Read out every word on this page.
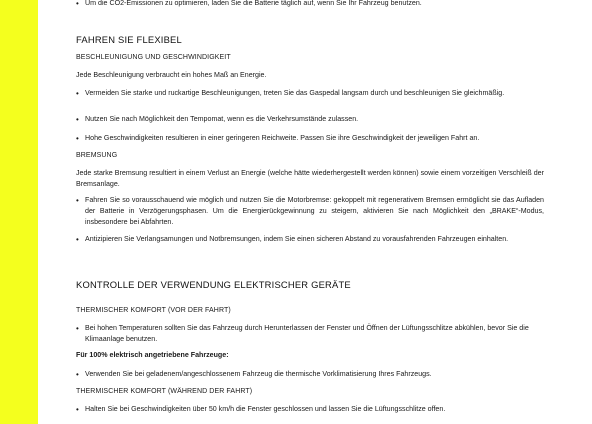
• Um die CO2-Emissionen zu optimieren, laden Sie die Batterie täglich auf, wenn Sie Ihr Fahrzeug benutzen.
FAHREN SIE FLEXIBEL

BESCHLEUNIGUNG UND GESCHWINDIGKEIT

Jede Beschleunigung verbraucht ein hohes Maß an Energie.

• Vermeiden Sie starke und ruckartige Beschleunigungen, treten Sie das Gaspedal langsam durch und beschleunigen Sie gleichmäßig.
• Nutzen Sie nach Möglichkeit den Tempomat, wenn es die Verkehrsumstände zulassen.
• Hohe Geschwindigkeiten resultieren in einer geringeren Reichweite. Passen Sie ihre Geschwindigkeit der jeweiligen Fahrt an.

BREMSUNG

Jede starke Bremsung resultiert in einem Verlust an Energie (welche hätte wiederhergestellt werden können) sowie einem vorzeitigen Verschleiß der Bremsanlage.

• Fahren Sie so vorausschauend wie möglich und nutzen Sie die Motorbremse: gekoppelt mit regenerativem Bremsen ermöglicht sie das Aufladen der Batterie in Verzögerungsphasen. Um die Energierückgewinnung zu steigern, aktivieren Sie nach Möglichkeit den „BRAKE“-Modus, insbesondere bei Abfahrten.
• Antizipieren Sie Verlangsamungen und Notbremsungen, indem Sie einen sicheren Abstand zu vorausfahrenden Fahrzeugen einhalten.
KONTROLLE DER VERWENDUNG ELEKTRISCHER GERÄTE

THERMISCHER KOMFORT (VOR DER FAHRT)

• Bei hohen Temperaturen sollten Sie das Fahrzeug durch Herunterlassen der Fenster und Öffnen der Lüftungsschlitze abkühlen, bevor Sie die Klimaanlage benutzen.

Für 100% elektrisch angetriebene Fahrzeuge:

• Verwenden Sie bei geladenem/angeschlossenem Fahrzeug die thermische Vorklimatisierung Ihres Fahrzeugs.

THERMISCHER KOMFORT (WÄHREND DER FAHRT)

• Halten Sie bei Geschwindigkeiten über 50 km/h die Fenster geschlossen und lassen Sie die Lüftungsschlitze offen.
